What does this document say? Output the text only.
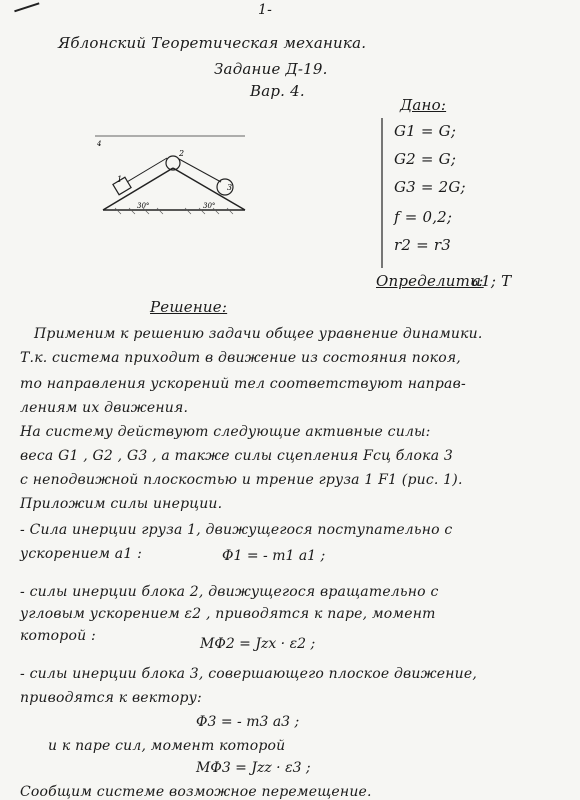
1-
Яблонский Теоретическая механика.
Задание Д-19.
Вар. 4.
4
1
2
3
30°	30°
Дано:
G1 = G;
G2 = G;
G3 = 2G;
f = 0,2;
r2 = r3
Определить:
a1; T
Решение:
Применим к решению задачи общее уравнение динамики.
Т.к. система приходит в движение из состояния покоя,
то направления ускорений тел соответствуют направ-
лениям их движения.
На систему действуют следующие активные силы:
веса G1 , G2 , G3 , а также силы сцепления Fсц блока 3
с неподвижной плоскостью и трение груза 1 F1 (рис. 1).
Приложим силы инерции.
- Сила инерции груза 1, движущегося поступательно с
ускорением a1 :	Φ1 = - m1 a1 ;
- силы инерции блока 2, движущегося вращательно с
угловым ускорением ε2 , приводятся к паре, момент
которой :	MΦ2 = Jzx · ε2 ;
- силы инерции блока 3, совершающего плоское движение,
приводятся к вектору:
Φ3 = - m3 a3 ;
и к паре сил, момент которой
MΦ3 = Jzz · ε3 ;
Сообщим системе возможное перемещение.
